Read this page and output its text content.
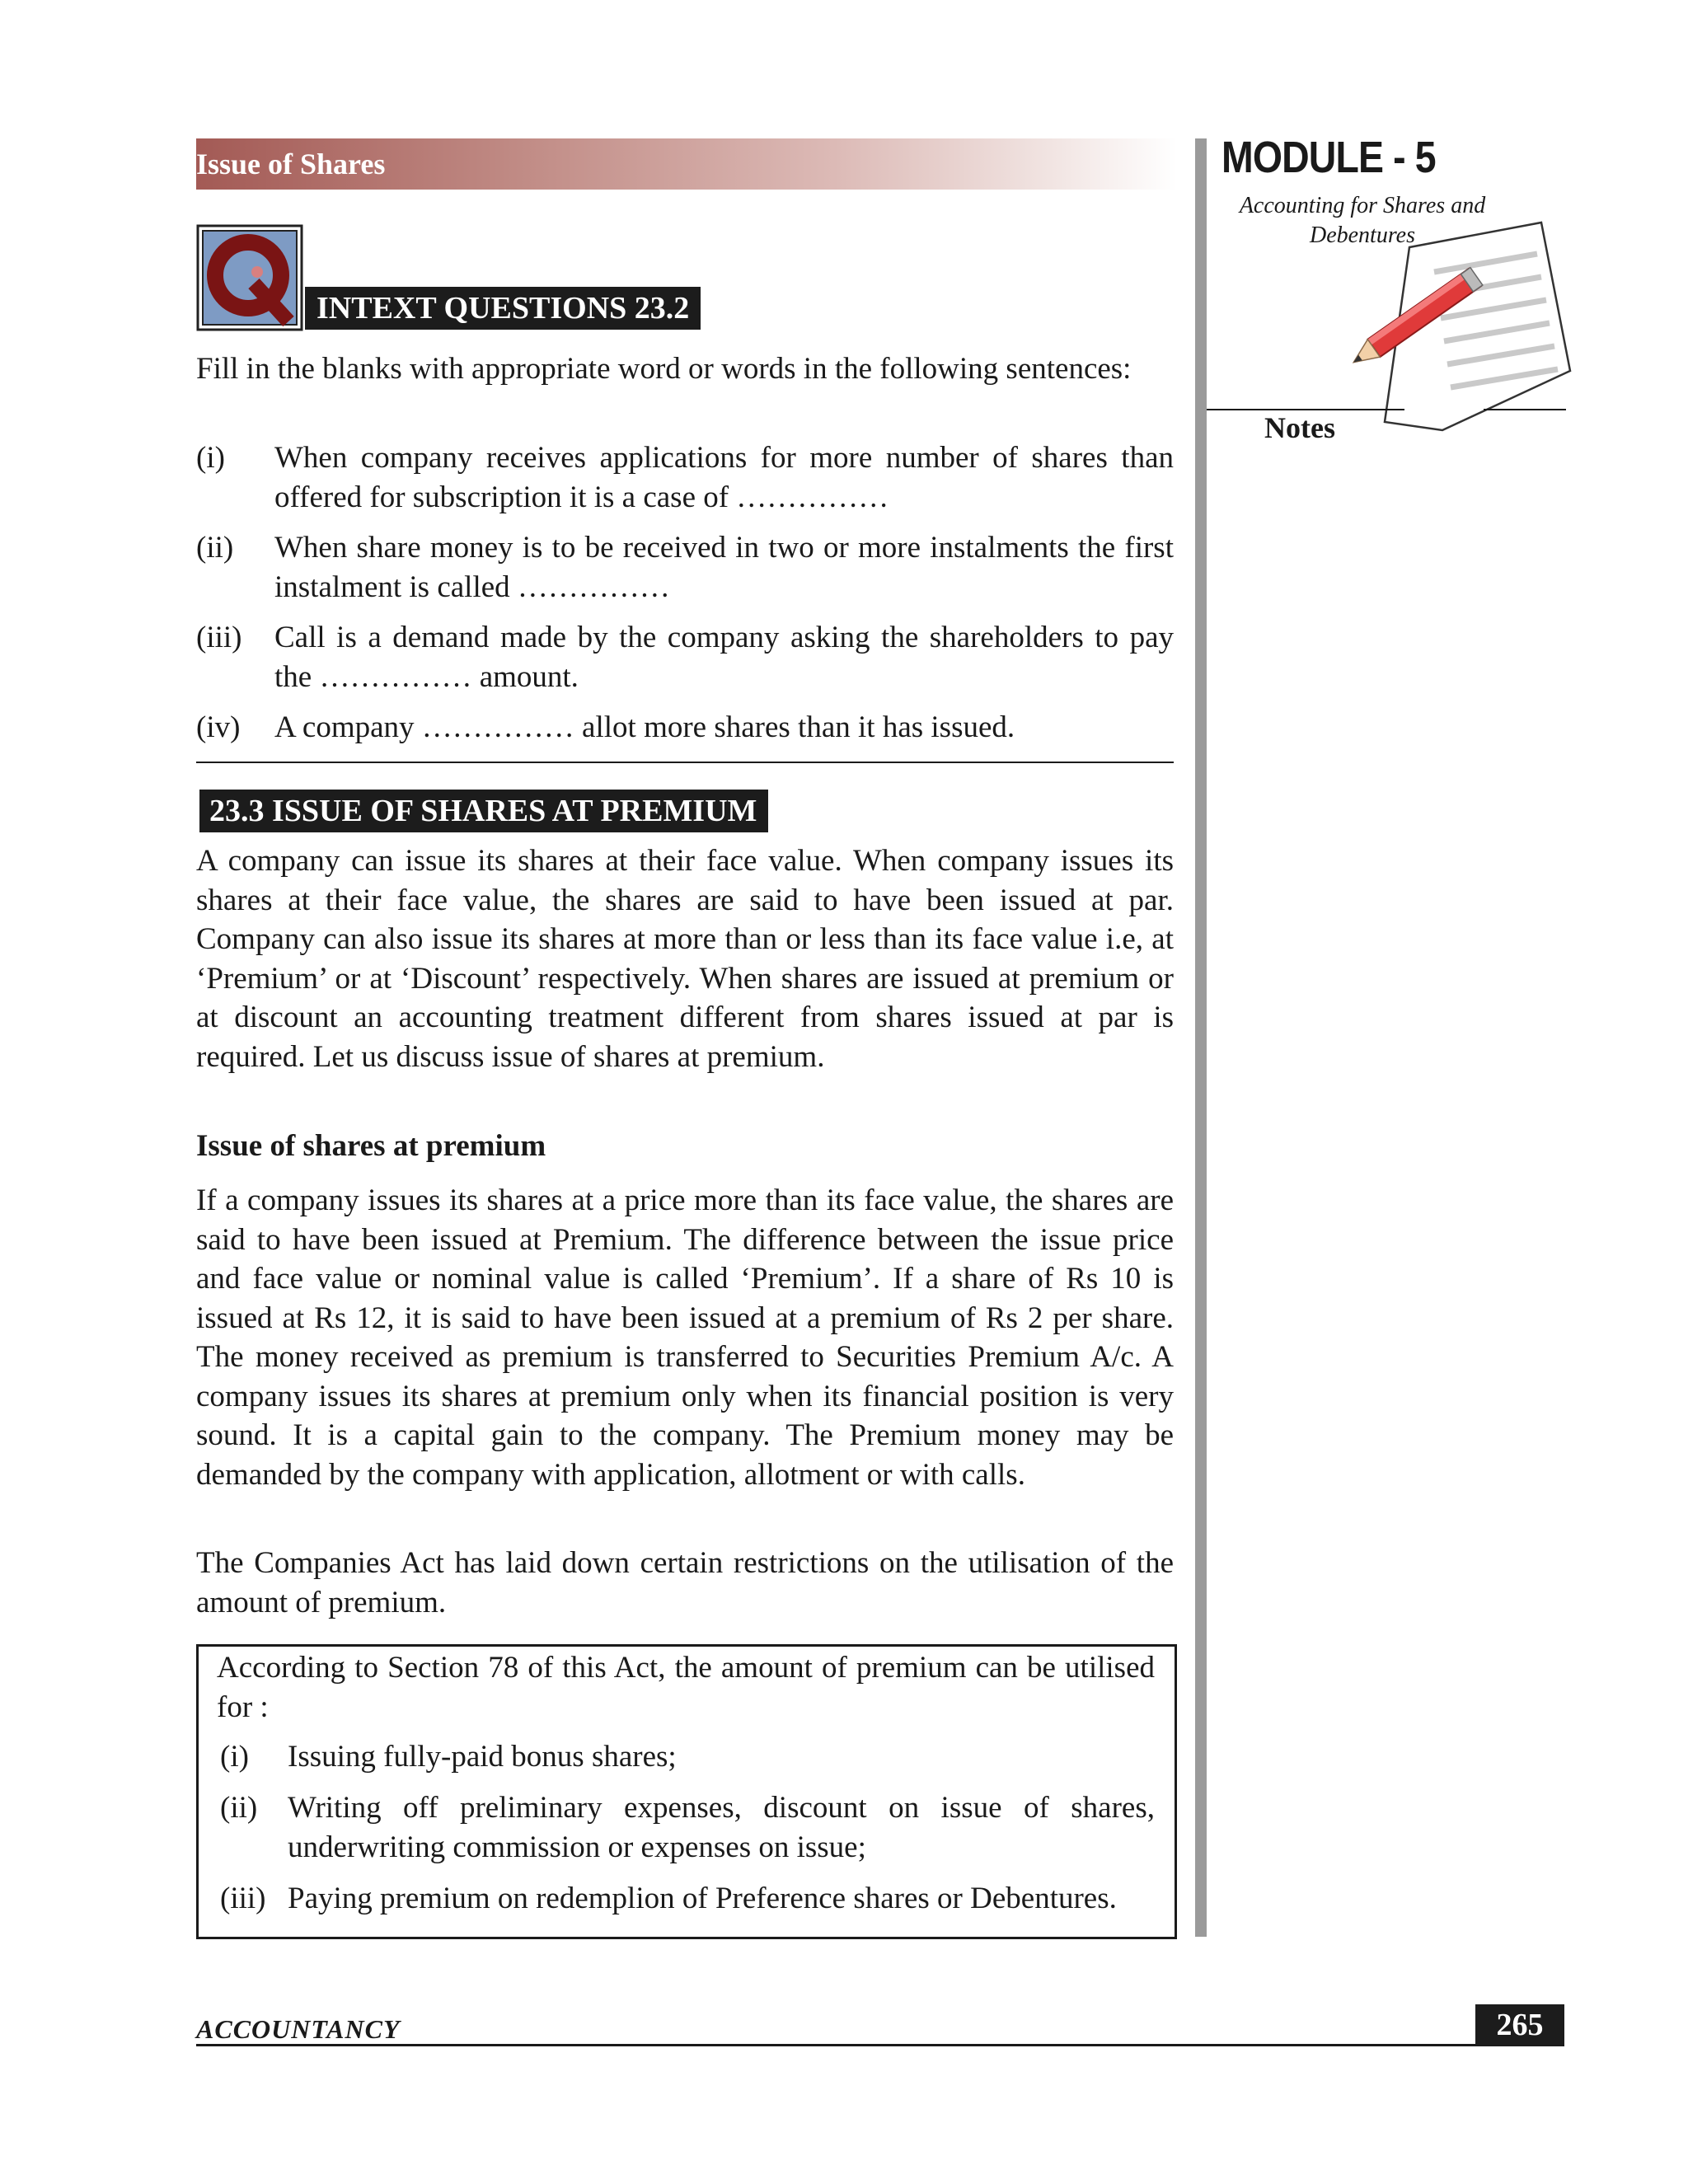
Issue of Shares	MODULE - 5
Accounting for Shares and Debentures
Notes
INTEXT QUESTIONS 23.2
Fill in the blanks with appropriate word or words in the following sentences:
(i) When company receives applications for more number of shares than offered for subscription it is a case of ……………
(ii) When share money is to be received in two or more instalments the first instalment is called ……………
(iii) Call is a demand made by the company asking the shareholders to pay the …………… amount.
(iv) A company …………… allot more shares than it has issued.
23.3 ISSUE OF SHARES AT PREMIUM
A company can issue its shares at their face value. When company issues its shares at their face value, the shares are said to have been issued at par. Company can also issue its shares at more than or less than its face value i.e, at ‘Premium’ or at ‘Discount’ respectively. When shares are issued at premium or at discount an accounting treatment different from shares issued at par is required. Let us discuss issue of shares at premium.
Issue of shares at premium
If a company issues its shares at a price more than its face value, the shares are said to have been issued at Premium. The difference between the issue price and face value or nominal value is called ‘Premium’. If a share of Rs 10 is issued at Rs 12, it is said to have been issued at a premium of Rs 2 per share. The money received as premium is transferred to Securities Premium A/c. A company issues its shares at premium only when its financial position is very sound. It is a capital gain to the company. The Premium money may be demanded by the company with application, allotment or with calls.
The Companies Act has laid down certain restrictions on the utilisation of the amount of premium.
According to Section 78 of this Act, the amount of premium can be utilised for :
(i) Issuing fully-paid bonus shares;
(ii) Writing off preliminary expenses, discount on issue of shares, underwriting commission or expenses on issue;
(iii) Paying premium on redemplion of Preference shares or Debentures.
ACCOUNTANCY	265
